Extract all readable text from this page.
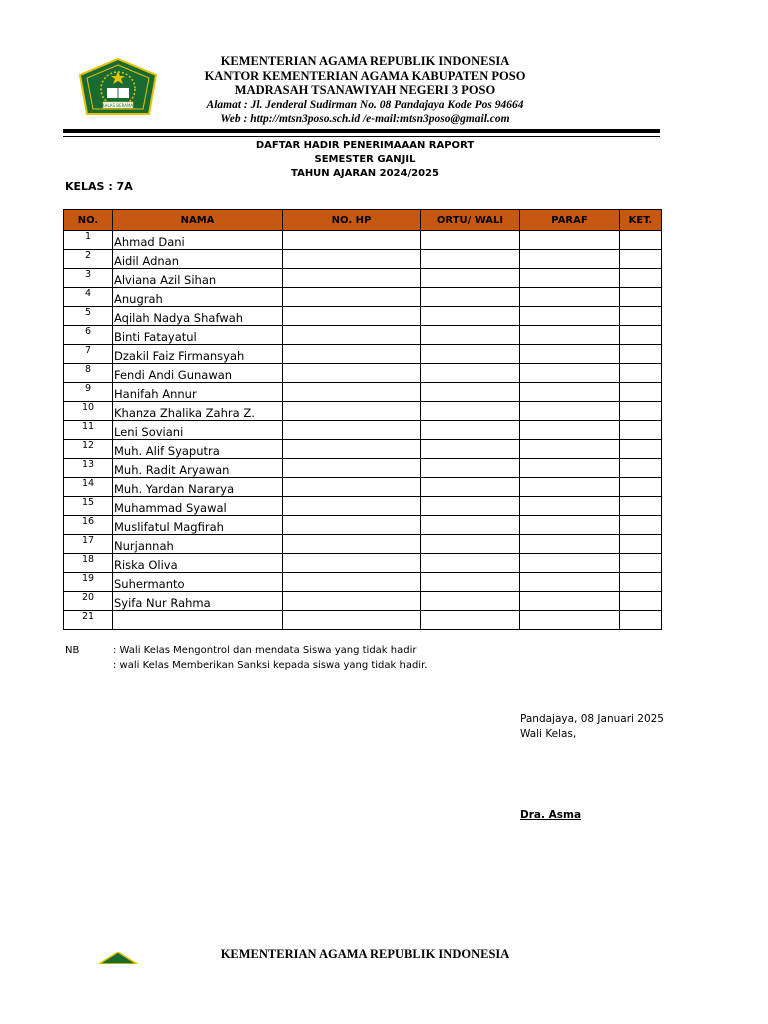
IKHLAS BERAMAL
KEMENTERIAN AGAMA REPUBLIK INDONESIA
KANTOR KEMENTERIAN AGAMA KABUPATEN POSO
MADRASAH TSANAWIYAH NEGERI 3 POSO
Alamat : Jl. Jenderal Sudirman No. 08 Pandajaya Kode Pos 94664
Web : http://mtsn3poso.sch.id /e-mail:mtsn3poso@gmail.com
DAFTAR HADIR PENERIMAAAN RAPORT
SEMESTER GANJIL
TAHUN AJARAN 2024/2025
KELAS : 7A
NO.	NAMA	NO. HP	ORTU/ WALI	PARAF	KET.
1	Ahmad Dani				
2	Aidil Adnan				
3	Alviana Azil Sihan				
4	Anugrah				
5	Aqilah Nadya Shafwah				
6	Binti Fatayatul				
7	Dzakil Faiz Firmansyah				
8	Fendi Andi Gunawan				
9	Hanifah Annur				
10	Khanza Zhalika Zahra Z.				
11	Leni Soviani				
12	Muh. Alif Syaputra				
13	Muh. Radit Aryawan				
14	Muh. Yardan Nararya				
15	Muhammad Syawal				
16	Muslifatul Magfirah				
17	Nurjannah				
18	Riska Oliva				
19	Suhermanto				
20	Syifa Nur Rahma				
21					
NB	: Wali Kelas Mengontrol dan mendata Siswa yang tidak hadir
: wali Kelas Memberikan Sanksi kepada siswa yang tidak hadir.
Pandajaya, 08 Januari 2025
Wali Kelas,
Dra. Asma
KEMENTERIAN AGAMA REPUBLIK INDONESIA
